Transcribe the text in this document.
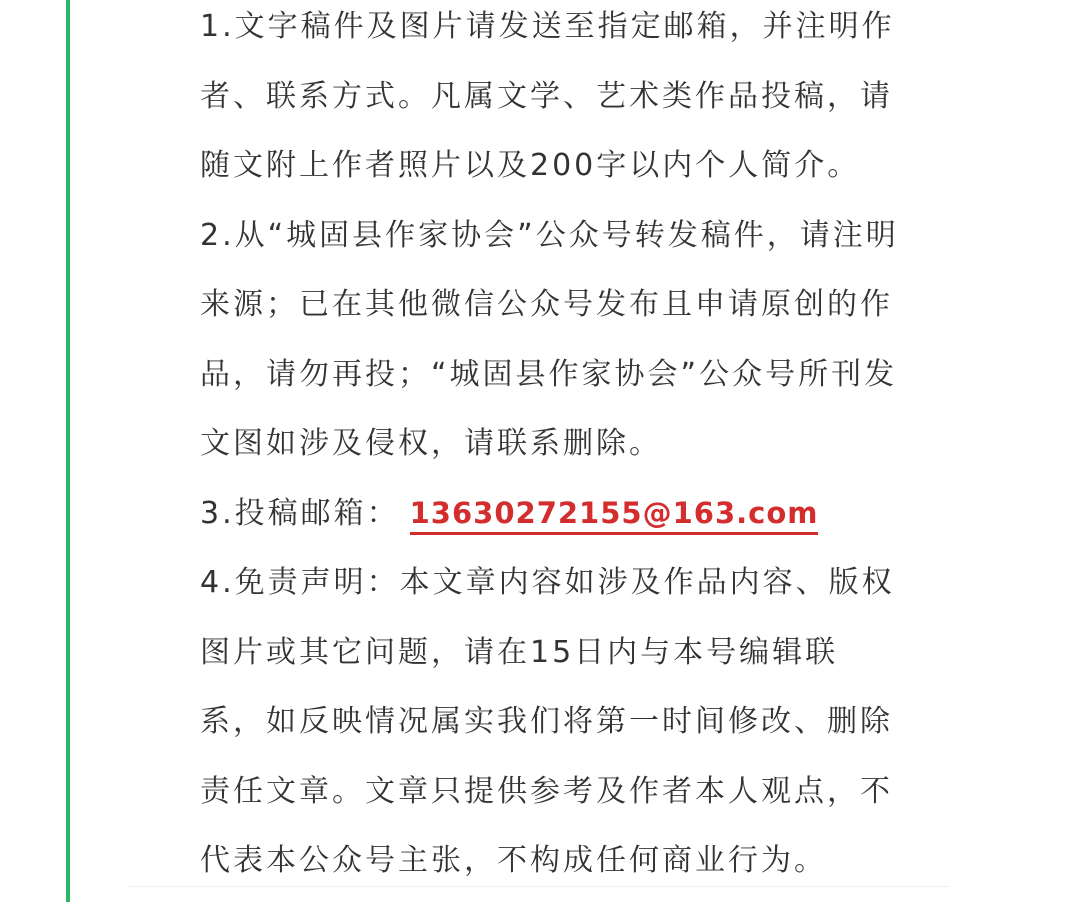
1.文字稿件及图片请发送至指定邮箱，并注明作
者、联系方式。凡属文学、艺术类作品投稿，请
随文附上作者照片以及200字以内个人简介。
2.从“城固县作家协会”公众号转发稿件，请注明
来源；已在其他微信公众号发布且申请原创的作
品，请勿再投；“城固县作家协会”公众号所刊发
文图如涉及侵权，请联系删除。
3.投稿邮箱： 13630272155@163.com
4.免责声明：本文章内容如涉及作品内容、版权
图片或其它问题，请在15日内与本号编辑联
系，如反映情况属实我们将第一时间修改、删除
责任文章。文章只提供参考及作者本人观点，不
代表本公众号主张，不构成任何商业行为。
